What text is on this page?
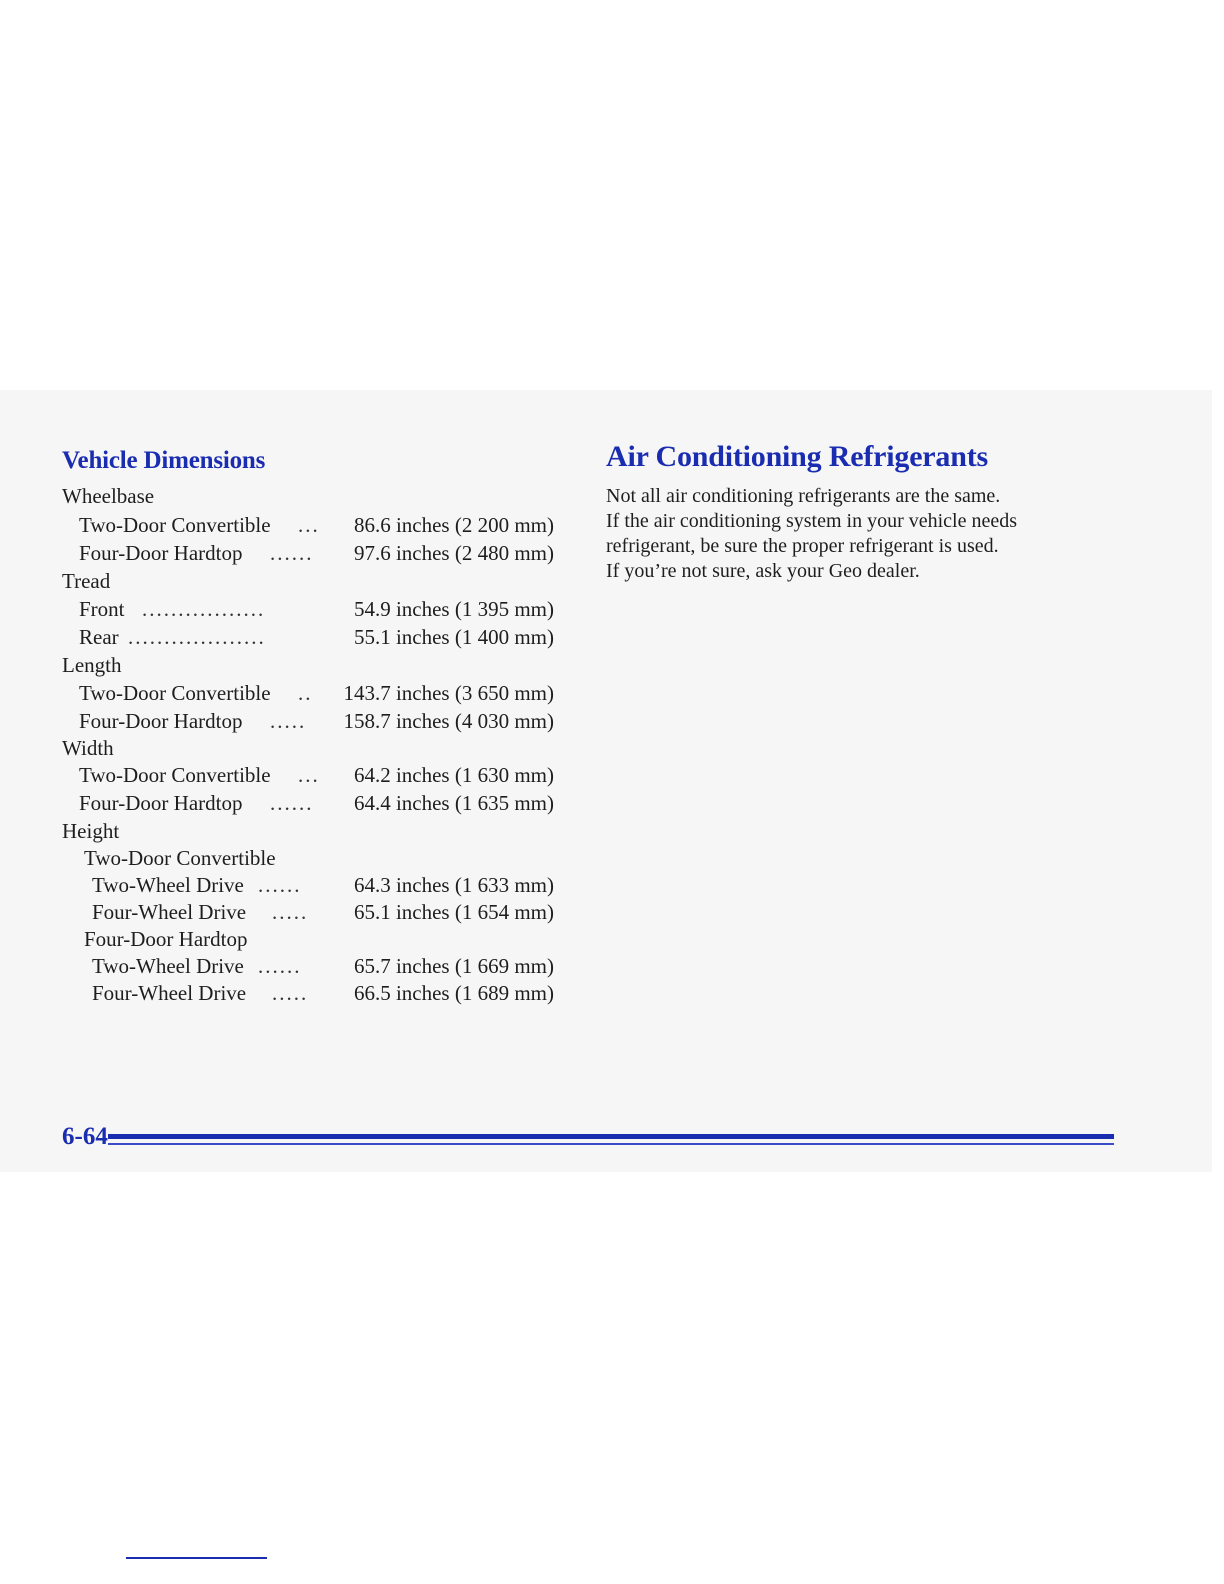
Vehicle Dimensions
Wheelbase
Two-Door Convertible ... 86.6 inches (2 200 mm)
Four-Door Hardtop ...... 97.6 inches (2 480 mm)
Tread
Front .................	54.9 inches (1 395 mm)
Rear ...................	55.1 inches (1 400 mm)
Length
Two-Door Convertible .. 143.7 inches (3 650 mm)
Four-Door Hardtop ..... 158.7 inches (4 030 mm)
Width
Two-Door Convertible ... 64.2 inches (1 630 mm)
Four-Door Hardtop ...... 64.4 inches (1 635 mm)
Height
Two-Door Convertible
Two-Wheel Drive ...... 64.3 inches (1 633 mm)
Four-Wheel Drive ..... 65.1 inches (1 654 mm)
Four-Door Hardtop
Two-Wheel Drive ...... 65.7 inches (1 669 mm)
Four-Wheel Drive ..... 66.5 inches (1 689 mm)
Air Conditioning Refrigerants

Not all air conditioning refrigerants are the same.
If the air conditioning system in your vehicle needs
refrigerant, be sure the proper refrigerant is used.
If you’re not sure, ask your Geo dealer.

6-64
